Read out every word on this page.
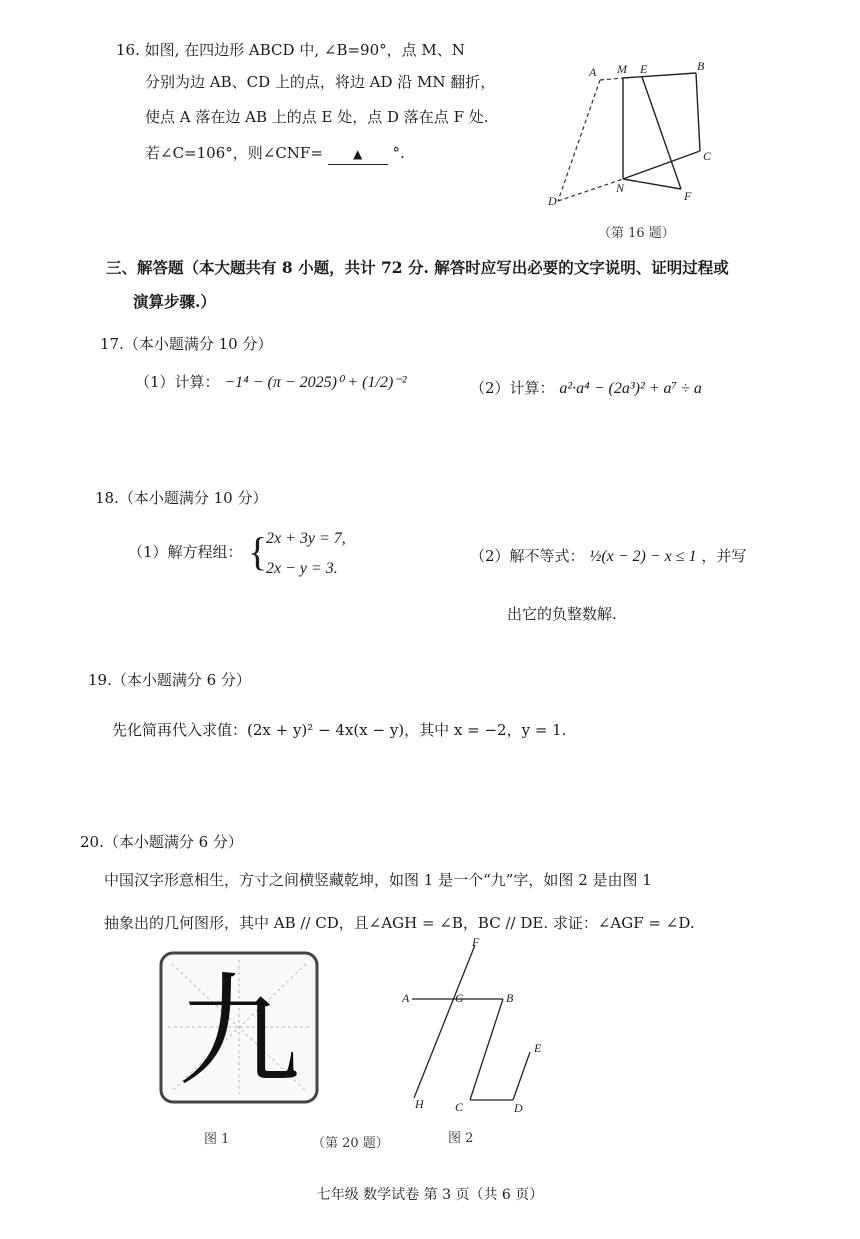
16. 如图, 在四边形 ABCD 中, ∠B=90°，点 M、N
分别为边 AB、CD 上的点，将边 AD 沿 MN 翻折，
使点 A 落在边 AB 上的点 E 处，点 D 落在点 F 处.
若∠C=106°，则∠CNF=	▲ °.
A M E	B
C
N
F
D
（第 16 题）
三、解答题（本大题共有 8 小题，共计 72 分. 解答时应写出必要的文字说明、证明过程或
演算步骤.）
17.（本小题满分 10 分）
（1）计算： −1⁴ − (π − 2025)⁰ + (1/2)⁻²	（2）计算： a²·a⁴ − (2a³)² + a⁷ ÷ a
18.（本小题满分 10 分）
（1）解方程组： {
2x + 3y = 7,
2x − y = 3.
（2）解不等式： ½(x − 2) − x ≤ 1 ，并写
出它的负整数解.
19.（本小题满分 6 分）
先化简再代入求值：(2x + y)² − 4x(x − y)，其中 x = −2，y = 1.
20.（本小题满分 6 分）
中国汉字形意相生，方寸之间横竖藏乾坤，如图 1 是一个“九”字，如图 2 是由图 1
抽象出的几何图形，其中 AB // CD，且∠AGH = ∠B，BC // DE. 求证：∠AGF = ∠D.
九
图 1	（第 20 题）
F
A	G	B
E
H	C	D
图 2
七年级 数学试卷 第 3 页（共 6 页）
